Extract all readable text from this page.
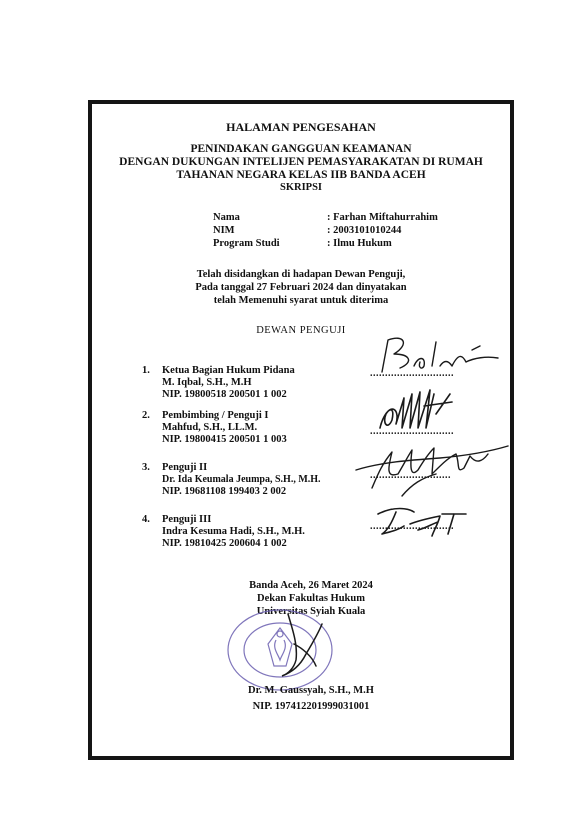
HALAMAN PENGESAHAN
PENINDAKAN GANGGUAN KEAMANAN
DENGAN DUKUNGAN INTELIJEN PEMASYARAKATAN DI RUMAH
TAHANAN NEGARA KELAS IIB BANDA ACEH
SKRIPSI
Nama	: Farhan Miftahurrahim
NIM	: 2003101010244
Program Studi	: Ilmu Hukum
Telah disidangkan di hadapan Dewan Penguji,
Pada tanggal 27 Februari 2024 dan dinyatakan
telah Memenuhi syarat untuk diterima
DEWAN PENGUJI
1. Ketua Bagian Hukum Pidana
M. Iqbal, S.H., M.H
NIP. 19800518 200501 1 002
............................
2. Pembimbing / Penguji I
Mahfud, S.H., LL.M.
NIP. 19800415 200501 1 003
............................
3. Penguji II
Dr. Ida Keumala Jeumpa, S.H., M.H.
NIP. 19681108 199403 2 002
...........................
4. Penguji III
Indra Kesuma Hadi, S.H., M.H.
NIP. 19810425 200604 1 002
............................
Banda Aceh, 26 Maret 2024
Dekan Fakultas Hukum
Universitas Syiah Kuala
Dr. M. Gaussyah, S.H., M.H
NIP. 197412201999031001
